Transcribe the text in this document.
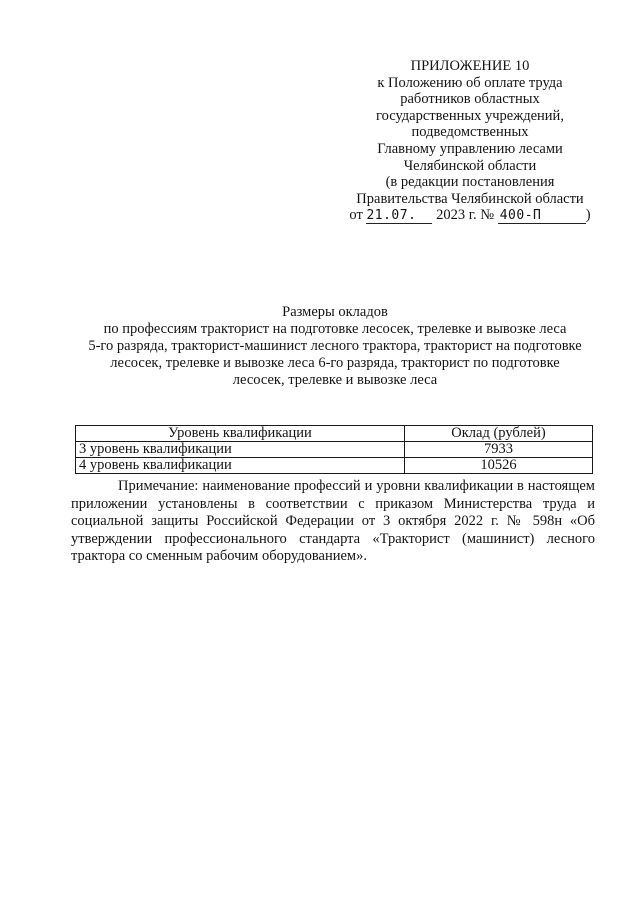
ПРИЛОЖЕНИЕ 10
к Положению об оплате труда
работников областных
государственных учреждений,
подведомственных
Главному управлению лесами
Челябинской области
(в редакции постановления
Правительства Челябинской области
от 21.07. 2023 г. № 400-П	)
Размеры окладов
по профессиям тракторист на подготовке лесосек, трелевке и вывозке леса
5-го разряда, тракторист-машинист лесного трактора, тракторист на подготовке
лесосек, трелевке и вывозке леса 6-го разряда, тракторист по подготовке
лесосек, трелевке и вывозке леса
Уровень квалификации	Оклад (рублей)
3 уровень квалификации	7933
4 уровень квалификации	10526

Примечание: наименование профессий и уровни квалификации в настоящем приложении установлены в соответствии с приказом Министерства труда и социальной защиты Российской Федерации от 3 октября 2022 г. № 598н «Об утверждении профессионального стандарта «Тракторист (машинист) лесного трактора со сменным рабочим оборудованием».
